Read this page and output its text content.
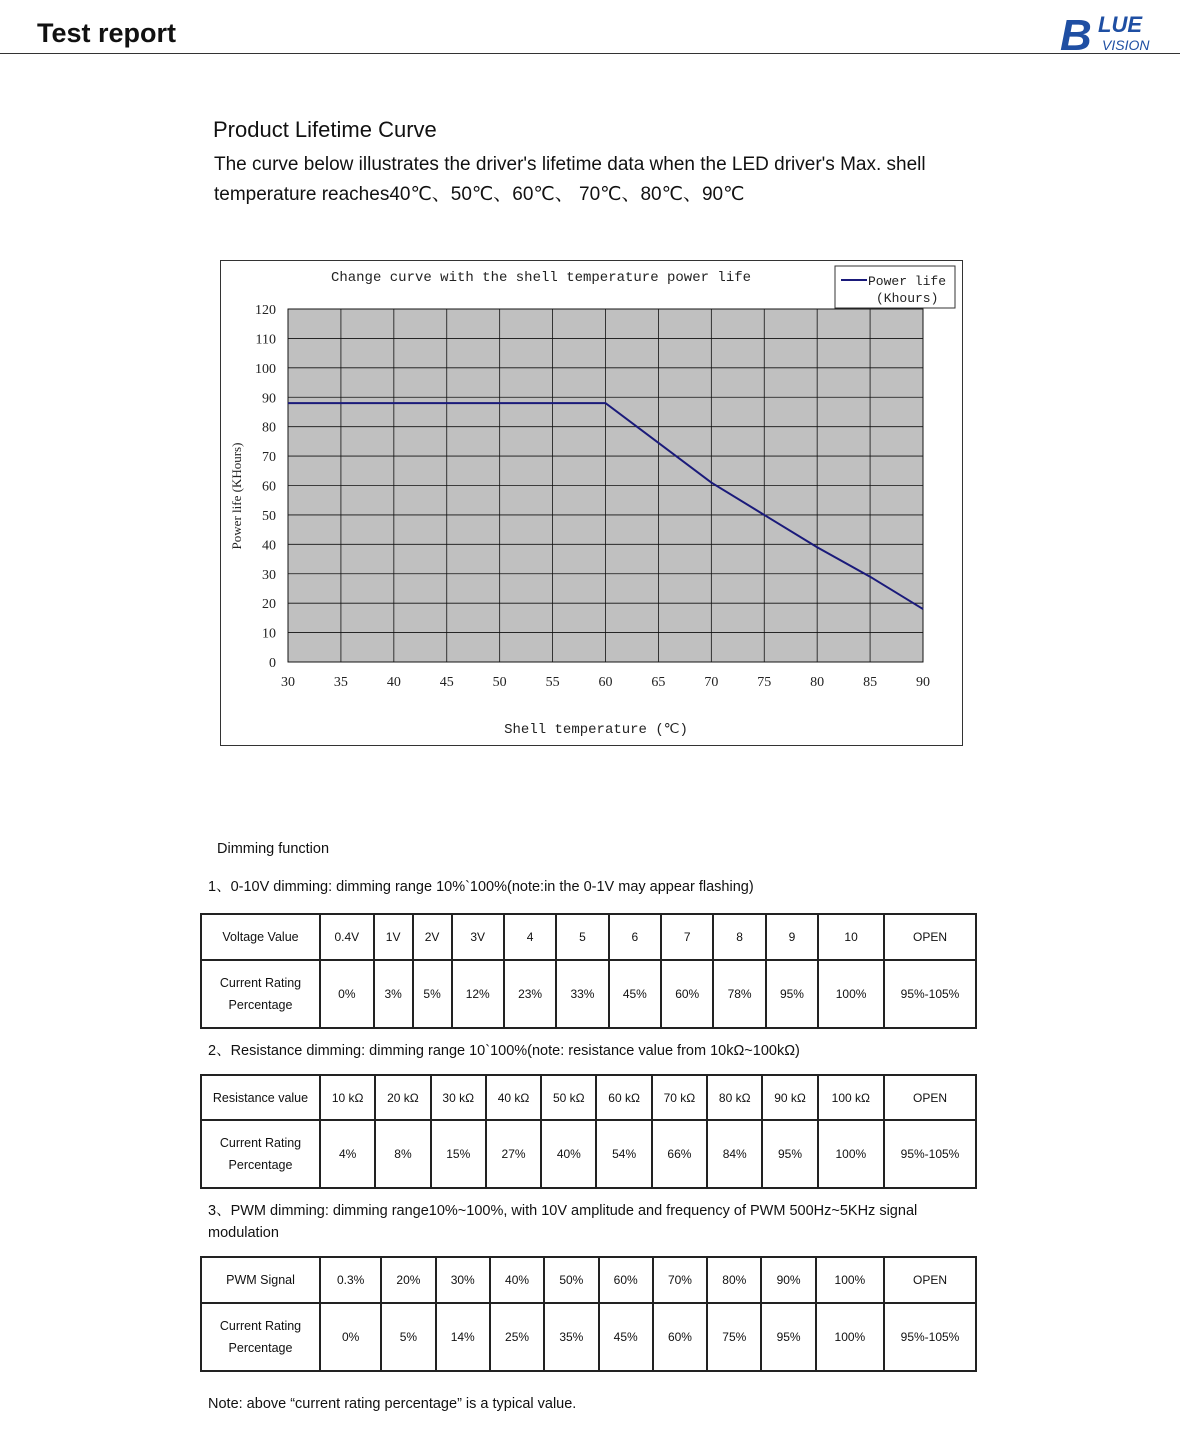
Test report	B LUE
VISION
Product Lifetime Curve
The curve below illustrates the driver's lifetime data when the LED driver's Max. shell temperature reaches40℃、50℃、60℃、 70℃、80℃、90℃
Change curve with the shell temperature power life	Power life
(Khours)
30	35	40	45	50	55	60	65	70	75	80	85	90
0
10
20
30
40
50
60
70
80
90
100
110
120
Power life (KHours)
Shell temperature (℃)
Dimming function
1、0-10V dimming: dimming range 10%`100%(note:in the 0-1V may appear flashing)
Voltage Value	0.4V	1V	2V	3V	4	5	6	7	8	9	10	OPEN

Current Rating
Percentage	0%	3%	5%	12%	23%	33%	45%	60%	78%	95%	100%	95%-105%
2、Resistance dimming: dimming range 10`100%(note: resistance value from 10kΩ~100kΩ)
Resistance value	10 kΩ	20 kΩ	30 kΩ	40 kΩ	50 kΩ	60 kΩ	70 kΩ	80 kΩ	90 kΩ	100 kΩ	OPEN

Current Rating
Percentage	4%	8%	15%	27%	40%	54%	66%	84%	95%	100%	95%-105%
3、PWM dimming: dimming range10%~100%, with 10V amplitude and frequency of PWM 500Hz~5KHz signal modulation
PWM Signal	0.3%	20%	30%	40%	50%	60%	70%	80%	90%	100%	OPEN

Current Rating
Percentage	0%	5%	14%	25%	35%	45%	60%	75%	95%	100%	95%-105%
Note: above “current rating percentage” is a typical value.
